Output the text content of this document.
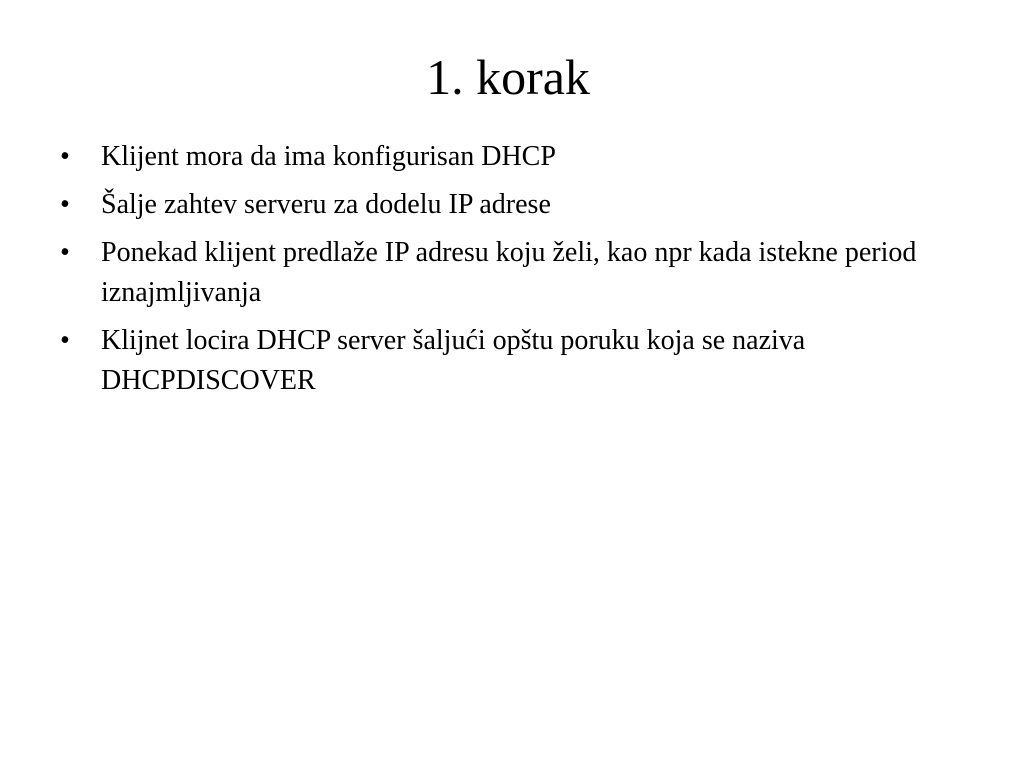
1. korak
•	Klijent mora da ima konfigurisan DHCP
•	Šalje zahtev serveru za dodelu IP adrese
•	Ponekad klijent predlaže IP adresu koju želi, kao npr kada istekne period iznajmljivanja
•	Klijnet locira DHCP server šaljući opštu poruku koja se naziva DHCPDISCOVER
